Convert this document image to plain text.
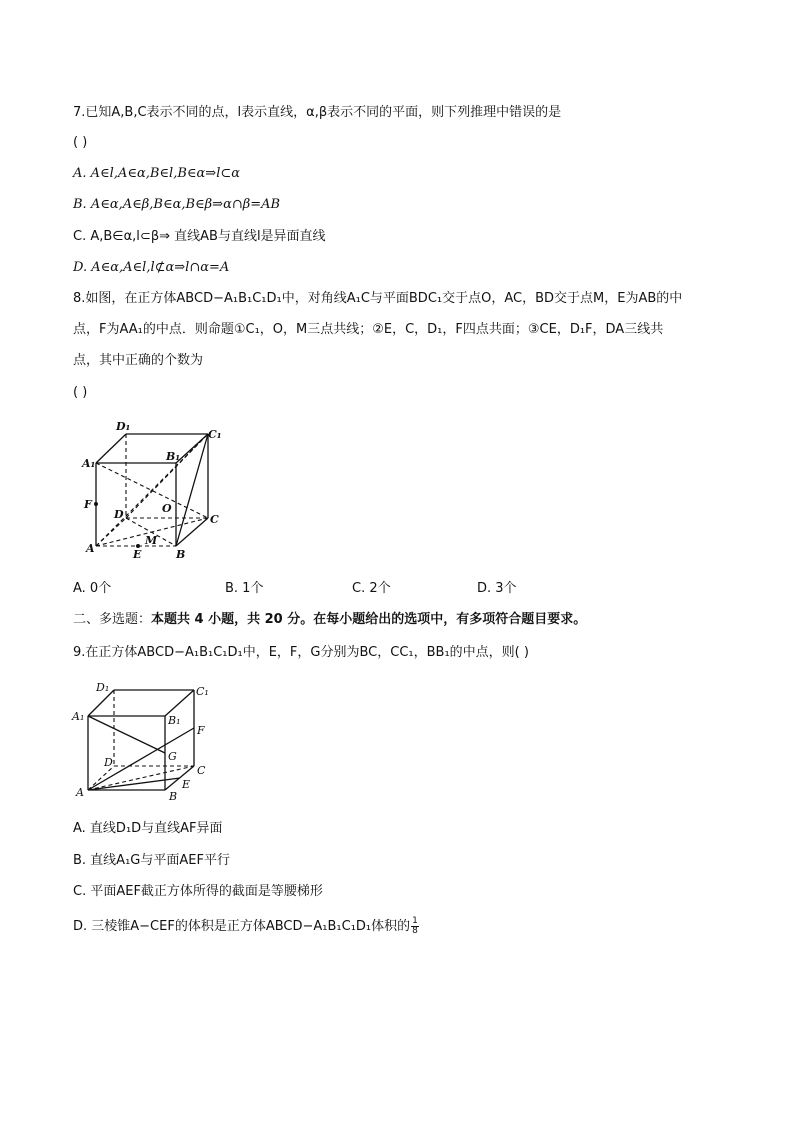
7.已知A,B,C表示不同的点，l表示直线，α,β表示不同的平面，则下列推理中错误的是
( )
A. A∈l,A∈α,B∈l,B∈α⇒l⊂α
B. A∈α,A∈β,B∈α,B∈β⇒α∩β=AB
C. A,B∈α,l⊂β⇒ 直线AB与直线l是异面直线
D. A∈α,A∈l,l⊄α⇒l∩α=A
8.如图，在正方体ABCD−A₁B₁C₁D₁中，对角线A₁C与平面BDC₁交于点O，AC，BD交于点M，E为AB的中
点，F为AA₁的中点．则命题①C₁，O，M三点共线；②E，C，D₁，F四点共面；③CE，D₁F，DA三线共
点，其中正确的个数为
( )
D₁
C₁
A₁
B₁
F
D	O
C
A	E
M
B
A. 0个	B. 1个	C. 2个	D. 3个
二、多选题：本题共 4 小题，共 20 分。在每小题给出的选项中，有多项符合题目要求。
9.在正方体ABCD−A₁B₁C₁D₁中，E，F，G分别为BC，CC₁，BB₁的中点，则( )
D₁	C₁
A₁	B₁
F
G
D
C
E
A	B
A. 直线D₁D与直线AF异面
B. 直线A₁G与平面AEF平行
C. 平面AEF截正方体所得的截面是等腰梯形
D. 三棱锥A−CEF的体积是正方体ABCD−A₁B₁C₁D₁体积的 $\frac{1}{8}$
